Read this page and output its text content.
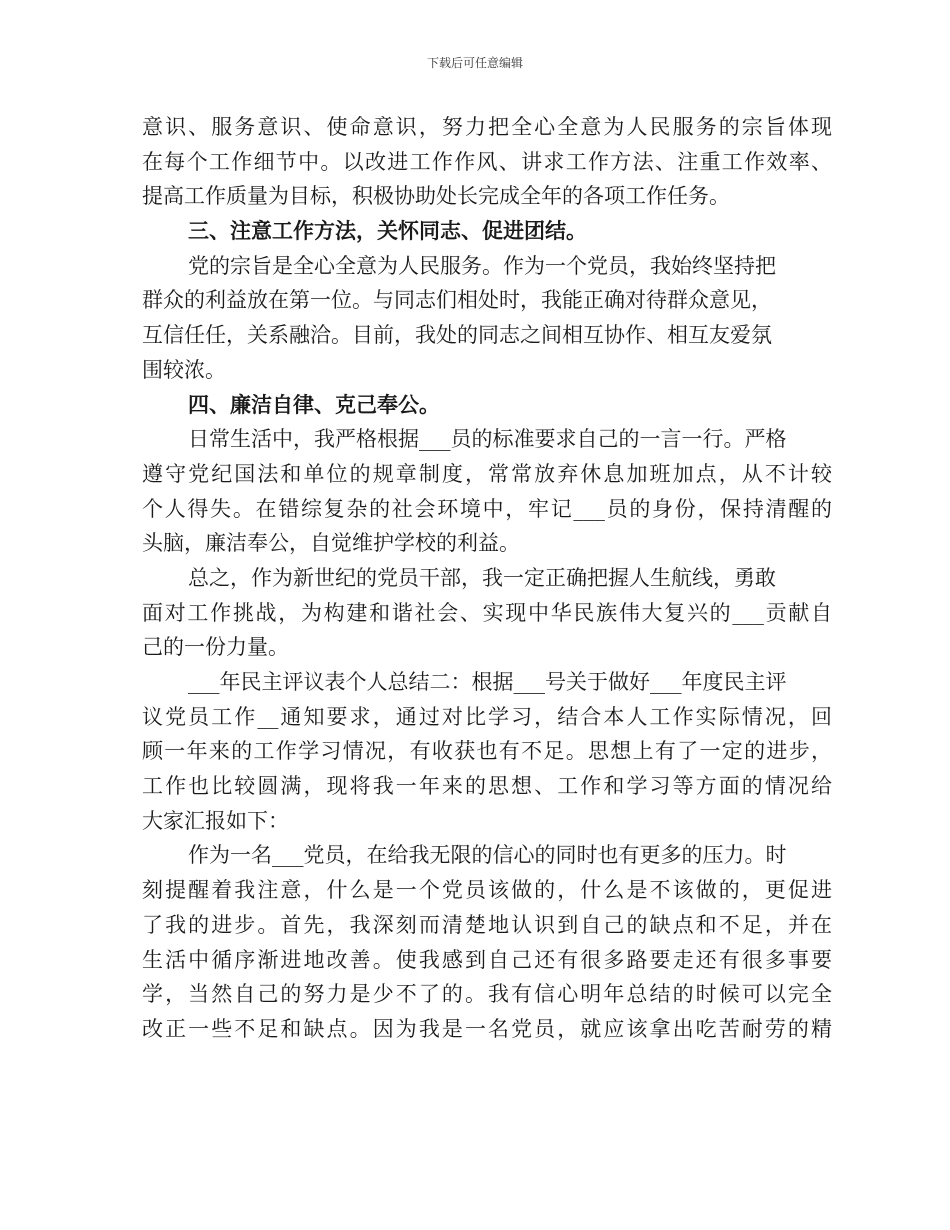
下载后可任意编辑
意识、服务意识、使命意识，努力把全心全意为人民服务的宗旨体现
在每个工作细节中。以改进工作作风、讲求工作方法、注重工作效率、
提高工作质量为目标，积极协助处长完成全年的各项工作任务。
三、注意工作方法，关怀同志、促进团结。
党的宗旨是全心全意为人民服务。作为一个党员，我始终坚持把
群众的利益放在第一位。与同志们相处时，我能正确对待群众意见，
互信任任，关系融洽。目前，我处的同志之间相互协作、相互友爱氛
围较浓。
四、廉洁自律、克己奉公。
日常生活中，我严格根据___员的标准要求自己的一言一行。严格
遵守党纪国法和单位的规章制度，常常放弃休息加班加点，从不计较
个人得失。在错综复杂的社会环境中，牢记___员的身份，保持清醒的
头脑，廉洁奉公，自觉维护学校的利益。
总之，作为新世纪的党员干部，我一定正确把握人生航线，勇敢
面对工作挑战，为构建和谐社会、实现中华民族伟大复兴的___贡献自
己的一份力量。
___年民主评议表个人总结二：根据___号关于做好___年度民主评
议党员工作__通知要求，通过对比学习，结合本人工作实际情况，回
顾一年来的工作学习情况，有收获也有不足。思想上有了一定的进步，
工作也比较圆满，现将我一年来的思想、工作和学习等方面的情况给
大家汇报如下：
作为一名___党员，在给我无限的信心的同时也有更多的压力。时
刻提醒着我注意，什么是一个党员该做的，什么是不该做的，更促进
了我的进步。首先，我深刻而清楚地认识到自己的缺点和不足，并在
生活中循序渐进地改善。使我感到自己还有很多路要走还有很多事要
学，当然自己的努力是少不了的。我有信心明年总结的时候可以完全
改正一些不足和缺点。因为我是一名党员，就应该拿出吃苦耐劳的精
